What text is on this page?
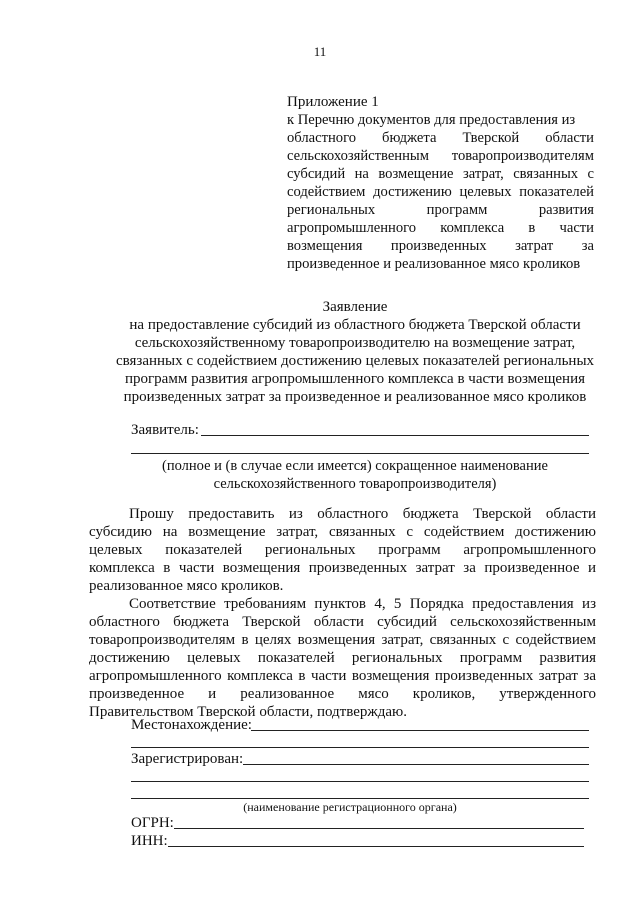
11
Приложение 1
к Перечню документов для предоставления из
областного бюджета Тверской области
сельскохозяйственным товаропроизводителям
субсидий на возмещение затрат, связанных с
содействием достижению целевых показателей
региональных программ развития
агропромышленного комплекса в части
возмещения произведенных затрат за
произведенное и реализованное мясо кроликов
Заявление
на предоставление субсидий из областного бюджета Тверской области
сельскохозяйственному товаропроизводителю на возмещение затрат,
связанных с содействием достижению целевых показателей региональных
программ развития агропромышленного комплекса в части возмещения
произведенных затрат за произведенное и реализованное мясо кроликов
Заявитель:
(полное и (в случае если имеется) сокращенное наименование
сельскохозяйственного товаропроизводителя)
Прошу предоставить из областного бюджета Тверской области
субсидию на возмещение затрат, связанных с содействием достижению
целевых показателей региональных программ агропромышленного
комплекса в части возмещения произведенных затрат за произведенное и
реализованное мясо кроликов.
Соответствие требованиям пунктов 4, 5 Порядка предоставления из
областного бюджета Тверской области субсидий сельскохозяйственным
товаропроизводителям в целях возмещения затрат, связанных с содействием
достижению целевых показателей региональных программ развития
агропромышленного комплекса в части возмещения произведенных затрат за
произведенное и реализованное мясо кроликов, утвержденного
Правительством Тверской области, подтверждаю.
Местонахождение:
Зарегистрирован:
(наименование регистрационного органа)
ОГРН:
ИНН:
